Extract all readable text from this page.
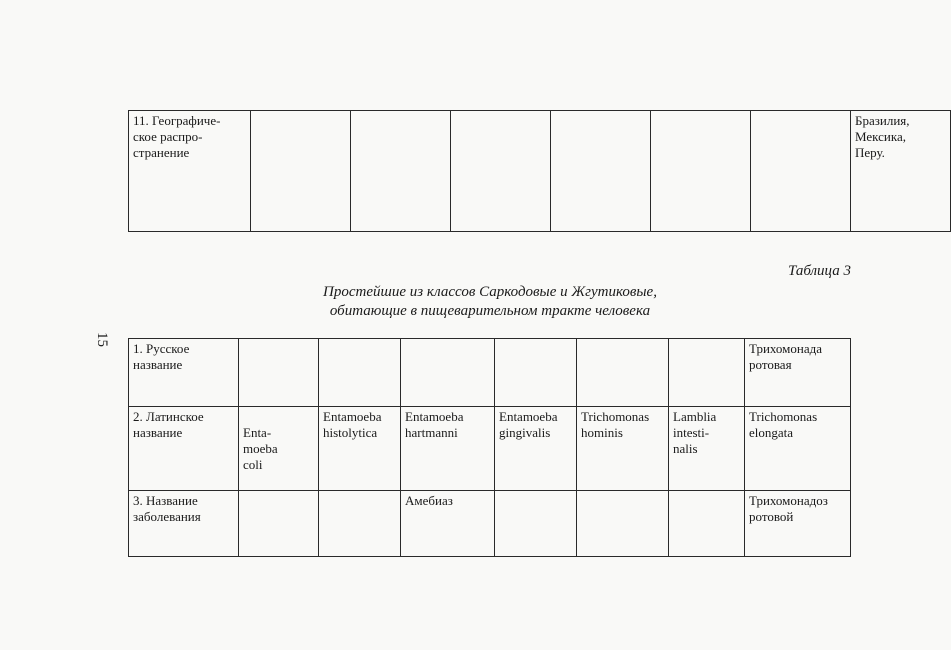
15
11. Географиче-
ское распро-
странение							Бразилия,
Мексика,
Перу.
Таблица 3
Простейшие из классов Саркодовые и Жгутиковые,
обитающие в пищеварительном тракте человека
1. Русское
название							Трихомонада
ротовая
2. Латинское
название	Enta-
moeba
coli	Entamoeba
histolytica	Entamoeba
hartmanni	Entamoeba
gingivalis	Trichomonas
hominis	Lamblia
intesti-
nalis	Trichomonas
elongata
3. Название
заболевания			Амебиаз				Трихомонадоз
ротовой
